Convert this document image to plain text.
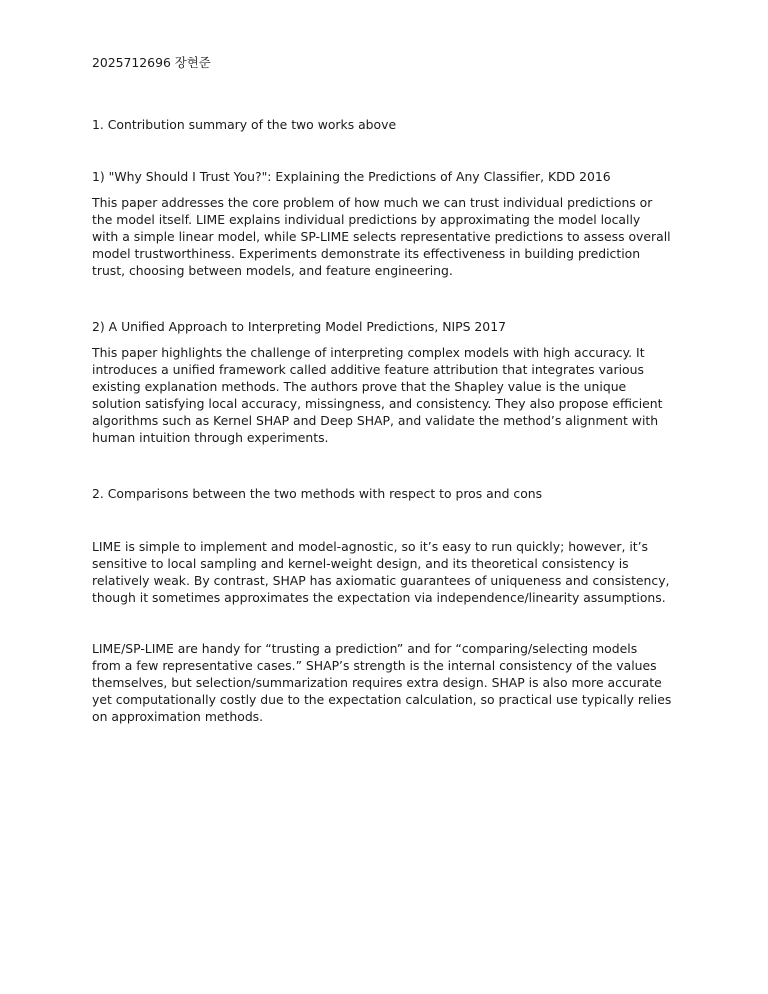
2025712696 장현준
1. Contribution summary of the two works above
1) "Why Should I Trust You?": Explaining the Predictions of Any Classifier, KDD 2016
This paper addresses the core problem of how much we can trust individual predictions or
the model itself. LIME explains individual predictions by approximating the model locally
with a simple linear model, while SP-LIME selects representative predictions to assess overall
model trustworthiness. Experiments demonstrate its effectiveness in building prediction
trust, choosing between models, and feature engineering.
2) A Unified Approach to Interpreting Model Predictions, NIPS 2017
This paper highlights the challenge of interpreting complex models with high accuracy. It
introduces a unified framework called additive feature attribution that integrates various
existing explanation methods. The authors prove that the Shapley value is the unique
solution satisfying local accuracy, missingness, and consistency. They also propose efficient
algorithms such as Kernel SHAP and Deep SHAP, and validate the method’s alignment with
human intuition through experiments.
2. Comparisons between the two methods with respect to pros and cons
LIME is simple to implement and model-agnostic, so it’s easy to run quickly; however, it’s
sensitive to local sampling and kernel-weight design, and its theoretical consistency is
relatively weak. By contrast, SHAP has axiomatic guarantees of uniqueness and consistency,
though it sometimes approximates the expectation via independence/linearity assumptions.
LIME/SP-LIME are handy for “trusting a prediction” and for “comparing/selecting models
from a few representative cases.” SHAP’s strength is the internal consistency of the values
themselves, but selection/summarization requires extra design. SHAP is also more accurate
yet computationally costly due to the expectation calculation, so practical use typically relies
on approximation methods.
